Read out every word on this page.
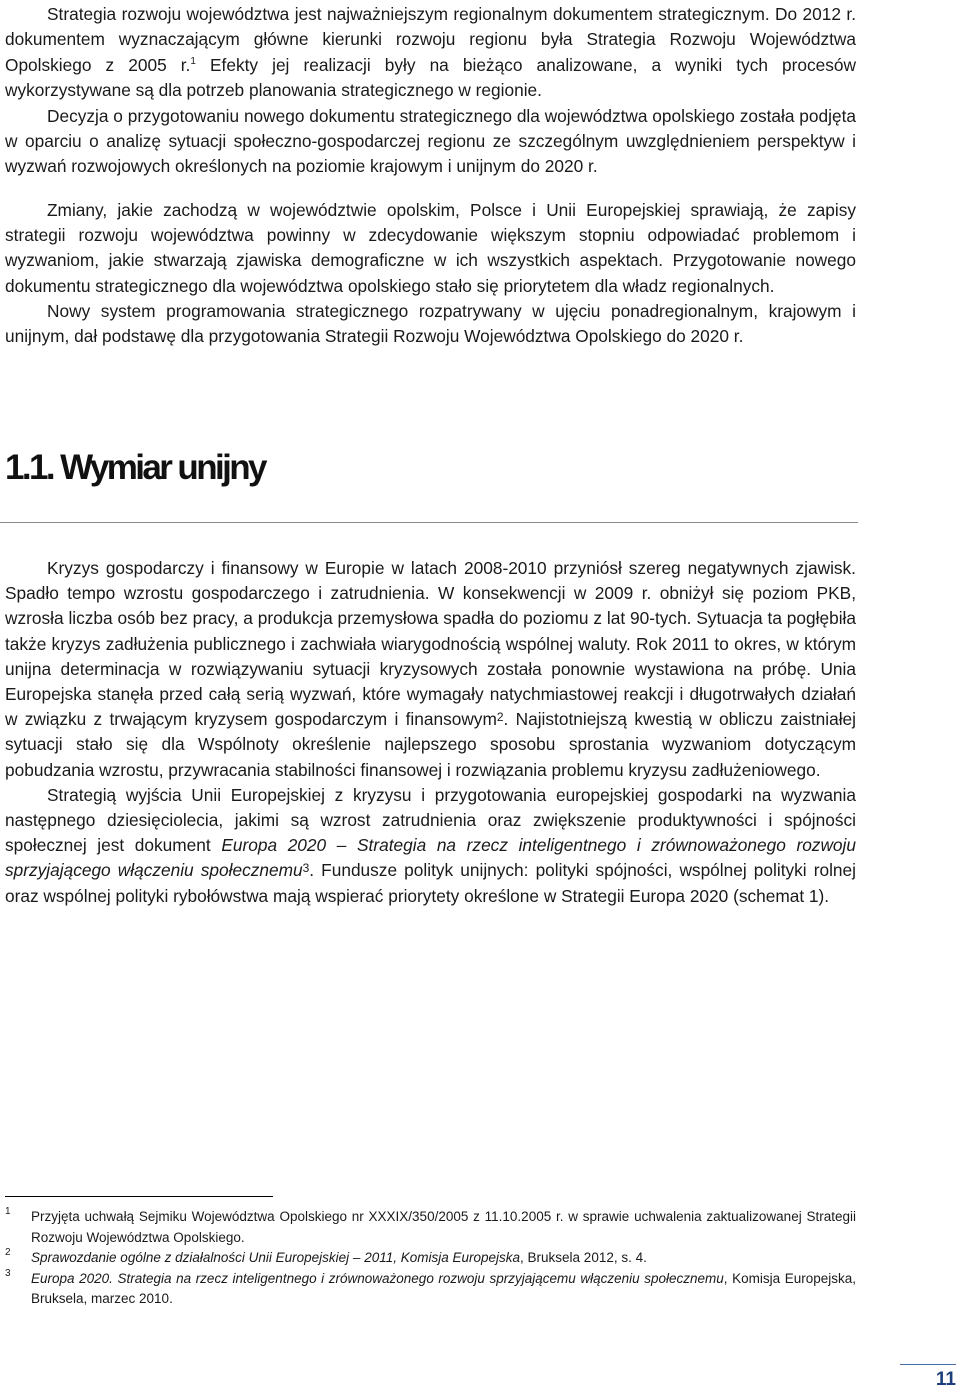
Strategia rozwoju województwa jest najważniejszym regionalnym dokumentem strategicznym. Do 2012 r. dokumentem wyznaczającym główne kierunki rozwoju regionu była Strategia Rozwoju Województwa Opolskiego z 2005 r.$^1$ Efekty jej realizacji były na bieżąco analizowane, a wyniki tych procesów wykorzystywane są dla potrzeb planowania strategicznego w regionie.

Decyzja o przygotowaniu nowego dokumentu strategicznego dla województwa opolskiego została podjęta w oparciu o analizę sytuacji społeczno-gospodarczej regionu ze szczególnym uwzględnieniem perspektyw i wyzwań rozwojowych określonych na poziomie krajowym i unijnym do 2020 r.

Zmiany, jakie zachodzą w województwie opolskim, Polsce i Unii Europejskiej sprawiają, że zapisy strategii rozwoju województwa powinny w zdecydowanie większym stopniu odpowiadać problemom i wyzwaniom, jakie stwarzają zjawiska demograficzne w ich wszystkich aspektach. Przygotowanie nowego dokumentu strategicznego dla województwa opolskiego stało się priorytetem dla władz regionalnych.

Nowy system programowania strategicznego rozpatrywany w ujęciu ponadregionalnym, krajowym i unijnym, dał podstawę dla przygotowania Strategii Rozwoju Województwa Opolskiego do 2020 r.

1.1. Wymiar unijny

Kryzys gospodarczy i finansowy w Europie w latach 2008-2010 przyniósł szereg negatywnych zjawisk. Spadło tempo wzrostu gospodarczego i zatrudnienia. W konsekwencji w 2009 r. obniżył się poziom PKB, wzrosła liczba osób bez pracy, a produkcja przemysłowa spadła do poziomu z lat 90-tych. Sytuacja ta pogłębiła także kryzys zadłużenia publicznego i zachwiała wiarygodnością wspólnej waluty. Rok 2011 to okres, w którym unijna determinacja w rozwiązywaniu sytuacji kryzysowych została ponownie wystawiona na próbę. Unia Europejska stanęła przed całą serią wyzwań, które wymagały natychmiastowej reakcji i długotrwałych działań w związku z trwającym kryzysem gospodarczym i finansowym$^2$. Najistotniejszą kwestią w obliczu zaistniałej sytuacji stało się dla Wspólnoty określenie najlepszego sposobu sprostania wyzwaniom dotyczącym pobudzania wzrostu, przywracania stabilności finansowej i rozwiązania problemu kryzysu zadłużeniowego.

Strategią wyjścia Unii Europejskiej z kryzysu i przygotowania europejskiej gospodarki na wyzwania następnego dziesięciolecia, jakimi są wzrost zatrudnienia oraz zwiększenie produktywności i spójności społecznej jest dokument Europa 2020 – Strategia na rzecz inteligentnego i zrównoważonego rozwoju sprzyjającego włączeniu społecznemu$^3$. Fundusze polityk unijnych: polityki spójności, wspólnej polityki rolnej oraz wspólnej polityki rybołówstwa mają wspierać priorytety określone w Strategii Europa 2020 (schemat 1).

1 Przyjęta uchwałą Sejmiku Województwa Opolskiego nr XXXIX/350/2005 z 11.10.2005 r. w sprawie uchwalenia zaktualizowanej Strategii Rozwoju Województwa Opolskiego.
2 Sprawozdanie ogólne z działalności Unii Europejskiej – 2011, Komisja Europejska, Bruksela 2012, s. 4.
3 Europa 2020. Strategia na rzecz inteligentnego i zrównoważonego rozwoju sprzyjającemu włączeniu społecznemu, Komisja Europejska, Bruksela, marzec 2010.
11
